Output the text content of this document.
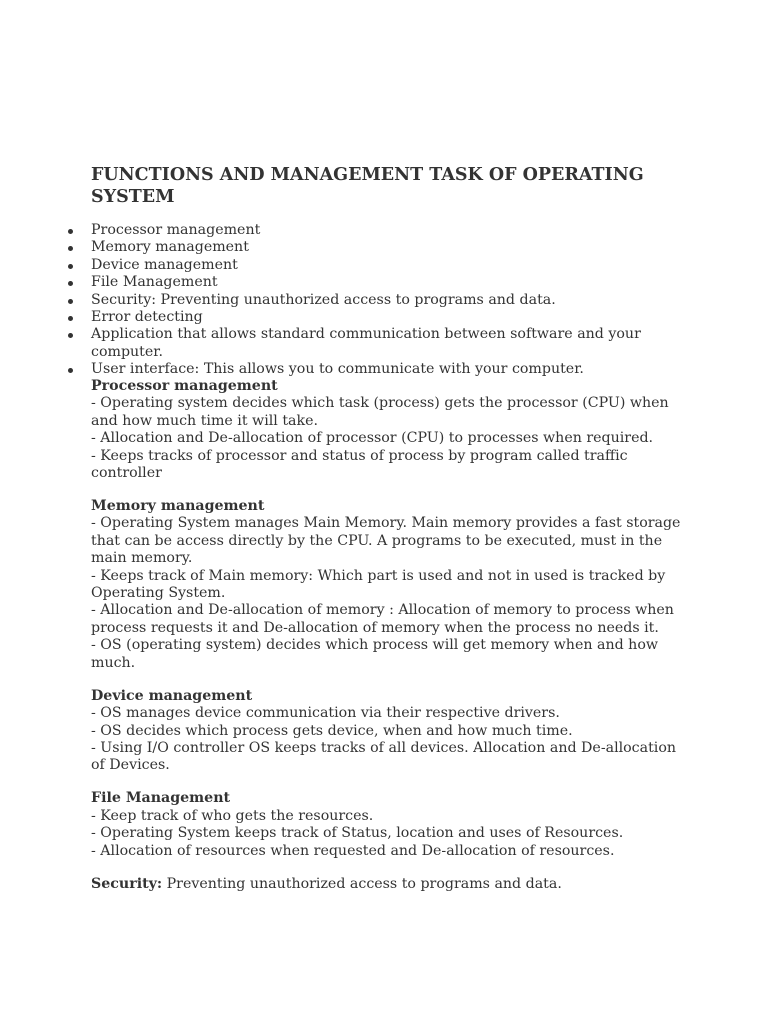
FUNCTIONS AND MANAGEMENT TASK OF OPERATING SYSTEM
Processor management
Memory management
Device management
File Management
Security: Preventing unauthorized access to programs and data.
Error detecting
Application that allows standard communication between software and your computer.
User interface: This allows you to communicate with your computer.

Processor management

- Operating system decides which task (process) gets the processor (CPU) when and how much time it will take.

- Allocation and De-allocation of processor (CPU) to processes when required.

- Keeps tracks of processor and status of process by program called traffic controller

Memory management

- Operating System manages Main Memory. Main memory provides a fast storage that can be access directly by the CPU. A programs to be executed, must in the main memory.

- Keeps track of Main memory: Which part is used and not in used is tracked by Operating System.

- Allocation and De-allocation of memory : Allocation of memory to process when process requests it and De-allocation of memory when the process no needs it.

- OS (operating system) decides which process will get memory when and how much.

Device management

- OS manages device communication via their respective drivers.

- OS decides which process gets device, when and how much time.

- Using I/O controller OS keeps tracks of all devices. Allocation and De-allocation of Devices.

File Management

- Keep track of who gets the resources.

- Operating System keeps track of Status, location and uses of Resources.

- Allocation of resources when requested and De-allocation of resources.

Security: Preventing unauthorized access to programs and data.
